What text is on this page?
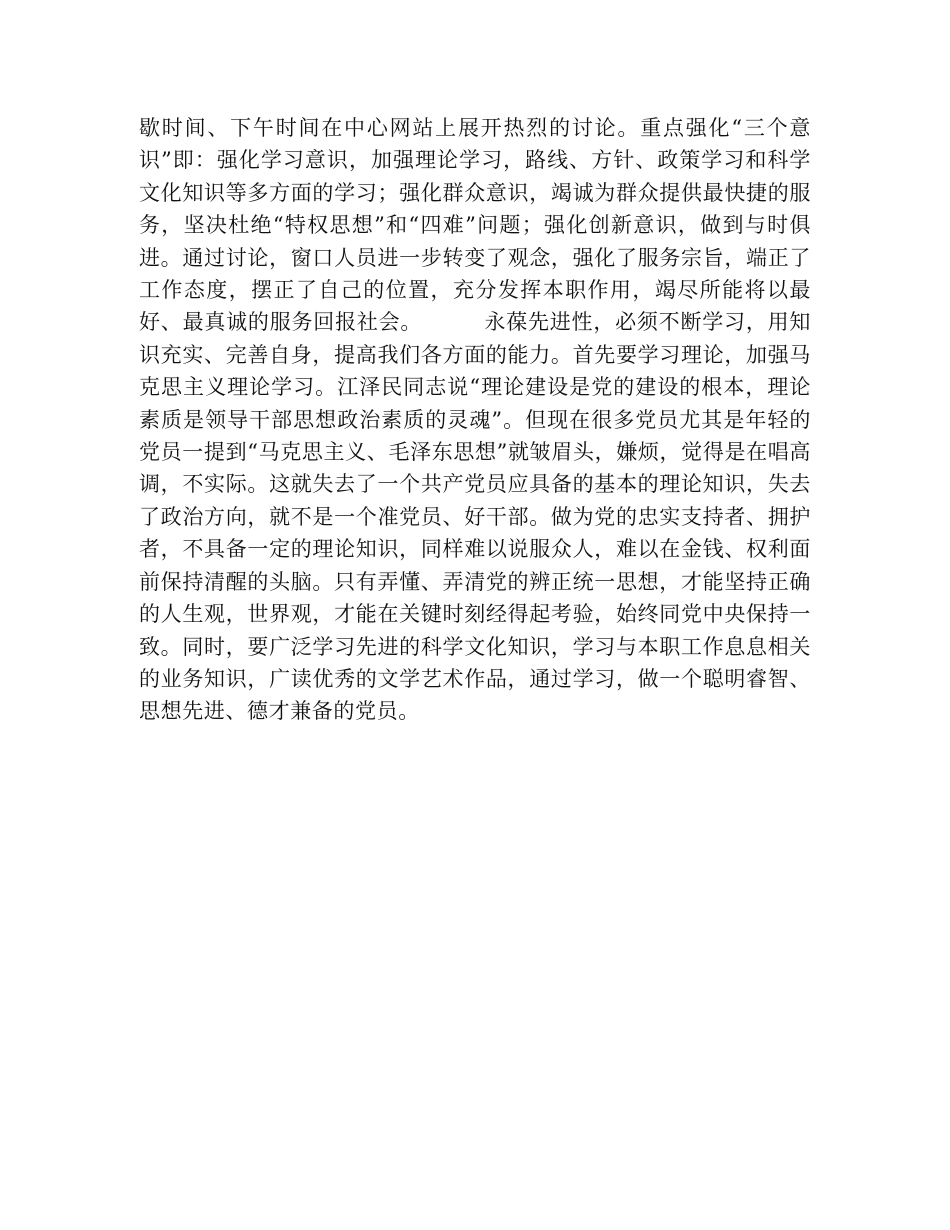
歇时间、下午时间在中心网站上展开热烈的讨论。重点强化“三个意识”即：强化学习意识，加强理论学习，路线、方针、政策学习和科学文化知识等多方面的学习；强化群众意识，竭诚为群众提供最快捷的服务，坚决杜绝“特权思想”和“四难”问题；强化创新意识，做到与时俱进。通过讨论，窗口人员进一步转变了观念，强化了服务宗旨，端正了工作态度，摆正了自己的位置，充分发挥本职作用，竭尽所能将以最好、最真诚的服务回报社会。	永葆先进性，必须不断学习，用知识充实、完善自身，提高我们各方面的能力。首先要学习理论，加强马克思主义理论学习。江泽民同志说“理论建设是党的建设的根本，理论素质是领导干部思想政治素质的灵魂”。但现在很多党员尤其是年轻的党员一提到“马克思主义、毛泽东思想”就皱眉头，嫌烦，觉得是在唱高调，不实际。这就失去了一个共产党员应具备的基本的理论知识，失去了政治方向，就不是一个准党员、好干部。做为党的忠实支持者、拥护者，不具备一定的理论知识，同样难以说服众人，难以在金钱、权利面前保持清醒的头脑。只有弄懂、弄清党的辨正统一思想，才能坚持正确的人生观，世界观，才能在关键时刻经得起考验，始终同党中央保持一致。同时，要广泛学习先进的科学文化知识，学习与本职工作息息相关的业务知识，广读优秀的文学艺术作品，通过学习，做一个聪明睿智、思想先进、德才兼备的党员。
